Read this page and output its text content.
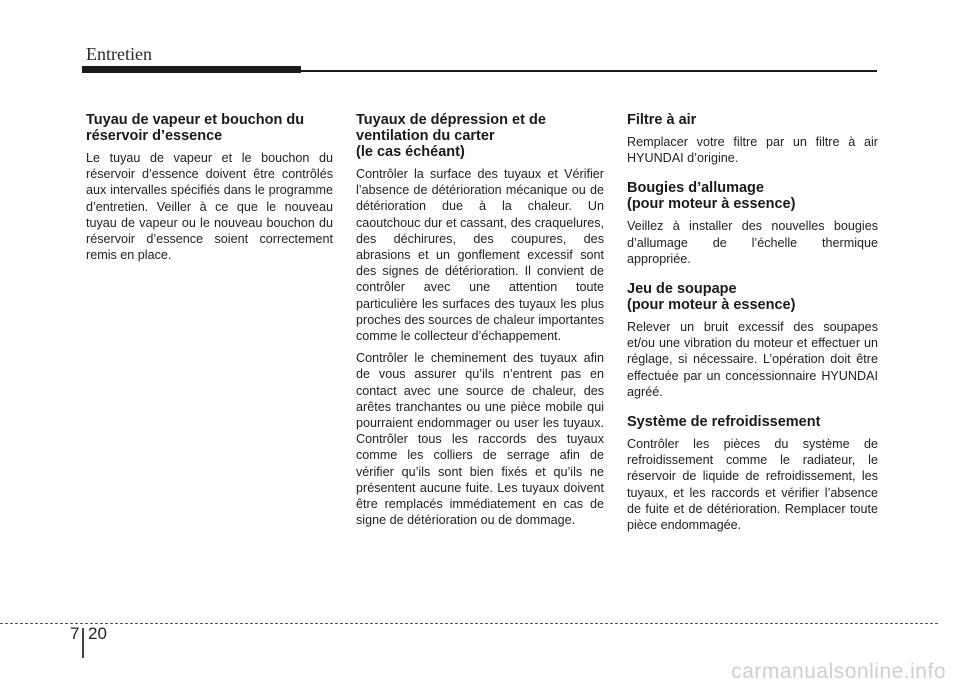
Entretien
Tuyau de vapeur et bouchon du
réservoir d’essence

Le tuyau de vapeur et le bouchon du réservoir d’essence doivent être contrôlés aux intervalles spécifiés dans le programme d’entretien. Veiller à ce que le nouveau tuyau de vapeur ou le nouveau bouchon du réservoir d’essence soient correctement remis en place.

Tuyaux de dépression et de
ventilation du carter
(le cas échéant)

Contrôler la surface des tuyaux et Vérifier l’absence de détérioration mécanique ou de détérioration due à la chaleur. Un caoutchouc dur et cassant, des craquelures, des déchirures, des coupures, des abrasions et un gonflement excessif sont des signes de détérioration. Il convient de contrôler avec une attention toute particulière les surfaces des tuyaux les plus proches des sources de chaleur importantes comme le collecteur d’échappement.

Contrôler le cheminement des tuyaux afin de vous assurer qu’ils n’entrent pas en contact avec une source de chaleur, des arêtes tranchantes ou une pièce mobile qui pourraient endommager ou user les tuyaux. Contrôler tous les raccords des tuyaux comme les colliers de serrage afin de vérifier qu’ils sont bien fixés et qu’ils ne présentent aucune fuite. Les tuyaux doivent être remplacés immédiatement en cas de signe de détérioration ou de dommage.

Filtre à air

Remplacer votre filtre par un filtre à air HYUNDAI d’origine.

Bougies d’allumage
(pour moteur à essence)

Veillez à installer des nouvelles bougies d’allumage de l’échelle thermique appropriée.

Jeu de soupape
(pour moteur à essence)

Relever un bruit excessif des soupapes et/ou une vibration du moteur et effectuer un réglage, si nécessaire. L’opération doit être effectuée par un concessionnaire HYUNDAI agréé.

Système de refroidissement

Contrôler les pièces du système de refroidissement comme le radiateur, le réservoir de liquide de refroidissement, les tuyaux, et les raccords et vérifier l’absence de fuite et de détérioration. Remplacer toute pièce endommagée.

7 20
carmanualsonline.info
